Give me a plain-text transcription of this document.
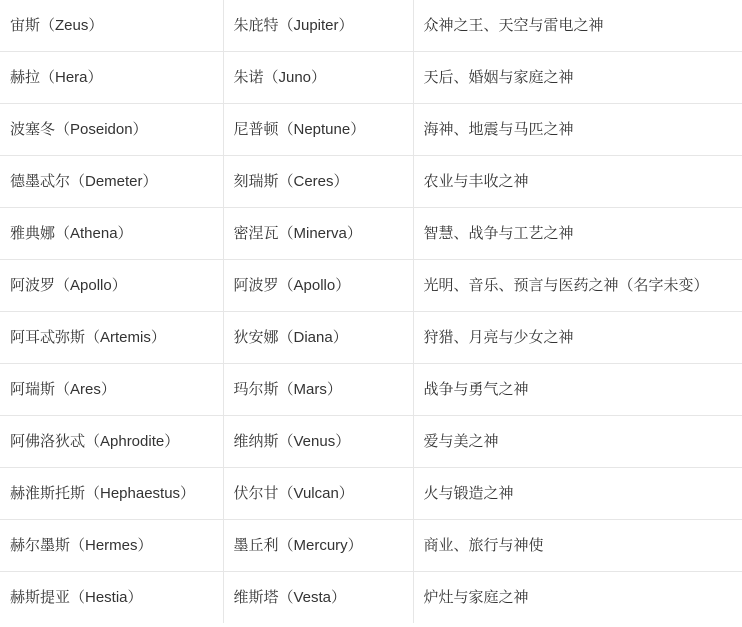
宙斯（Zeus）	朱庇特（Jupiter）	众神之王、天空与雷电之神
赫拉（Hera）	朱诺（Juno）	天后、婚姻与家庭之神
波塞冬（Poseidon）	尼普顿（Neptune）	海神、地震与马匹之神
德墨忒尔（Demeter）	刻瑞斯（Ceres）	农业与丰收之神
雅典娜（Athena）	密涅瓦（Minerva）	智慧、战争与工艺之神
阿波罗（Apollo）	阿波罗（Apollo）	光明、音乐、预言与医药之神（名字未变）
阿耳忒弥斯（Artemis）	狄安娜（Diana）	狩猎、月亮与少女之神
阿瑞斯（Ares）	玛尔斯（Mars）	战争与勇气之神
阿佛洛狄忒（Aphrodite）	维纳斯（Venus）	爱与美之神
赫淮斯托斯（Hephaestus）	伏尔甘（Vulcan）	火与锻造之神
赫尔墨斯（Hermes）	墨丘利（Mercury）	商业、旅行与神使
赫斯提亚（Hestia）	维斯塔（Vesta）	炉灶与家庭之神
